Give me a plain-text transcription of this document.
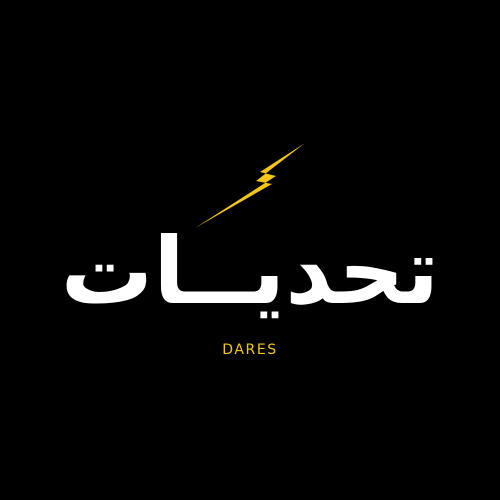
تحديــات
DARES
